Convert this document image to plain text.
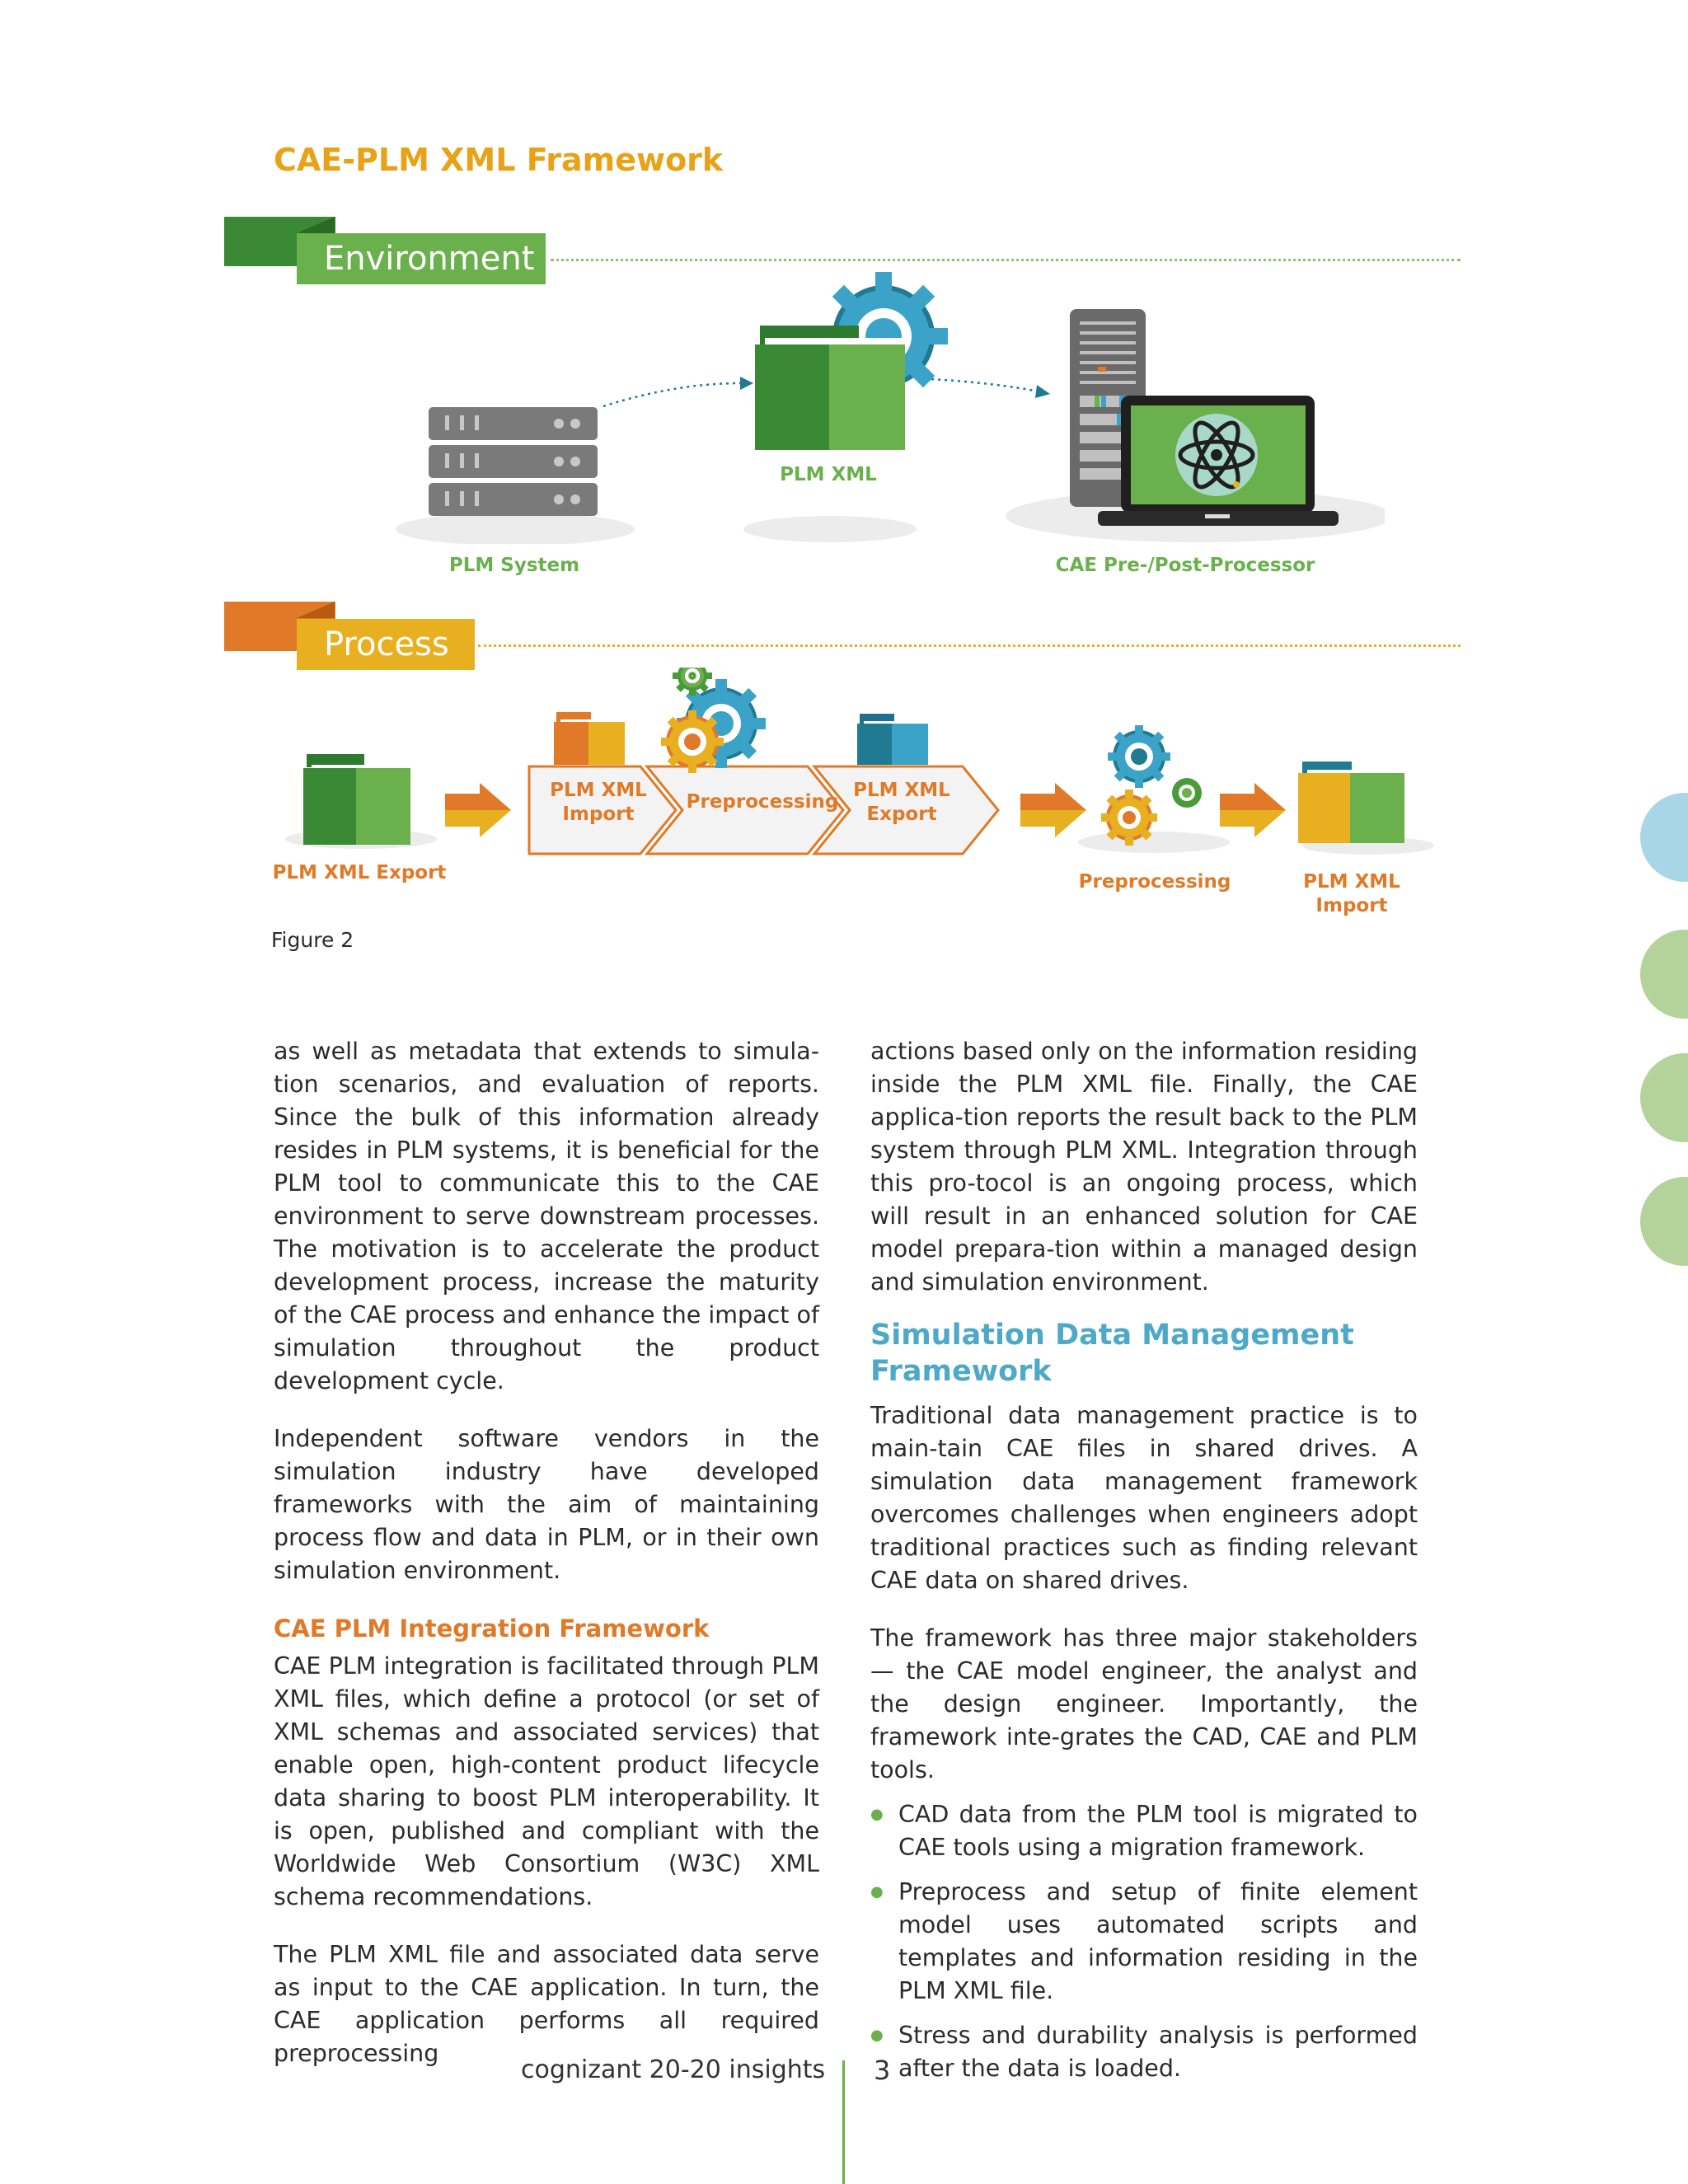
CAE-PLM XML Framework
Environment
Process
PLM XML
PLM System	CAE Pre-/Post-Processor
PLM XML
Import
Preprocessing
PLM XML
Export
PLM XML Export	Preprocessing	PLM XML
Import
Figure 2

as well as metadata that extends to simula-tion scenarios, and evaluation of reports. Since the bulk of this information already resides in PLM systems, it is beneficial for the PLM tool to communicate this to the CAE environment to serve downstream processes. The motivation is to accelerate the product development process, increase the maturity of the CAE process and enhance the impact of simulation throughout the product development cycle.

Independent software vendors in the simulation industry have developed frameworks with the aim of maintaining process flow and data in PLM, or in their own simulation environment.

CAE PLM Integration Framework

CAE PLM integration is facilitated through PLM XML files, which define a protocol (or set of XML schemas and associated services) that enable open, high-content product lifecycle data sharing to boost PLM interoperability. It is open, published and compliant with the Worldwide Web Consortium (W3C) XML schema recommendations.

The PLM XML file and associated data serve as input to the CAE application. In turn, the CAE application performs all required preprocessing

actions based only on the information residing inside the PLM XML file. Finally, the CAE applica-tion reports the result back to the PLM system through PLM XML. Integration through this pro-tocol is an ongoing process, which will result in an enhanced solution for CAE model prepara-tion within a managed design and simulation environment.

Simulation Data Management
Framework

Traditional data management practice is to main-tain CAE files in shared drives. A simulation data management framework overcomes challenges when engineers adopt traditional practices such as finding relevant CAE data on shared drives.

The framework has three major stakeholders — the CAE model engineer, the analyst and the design engineer. Importantly, the framework inte-grates the CAD, CAE and PLM tools.

● CAD data from the PLM tool is migrated to CAE tools using a migration framework.
● Preprocess and setup of finite element model uses automated scripts and templates and information residing in the PLM XML file.
● Stress and durability analysis is performed after the data is loaded.
cognizant 20-20 insights 3
